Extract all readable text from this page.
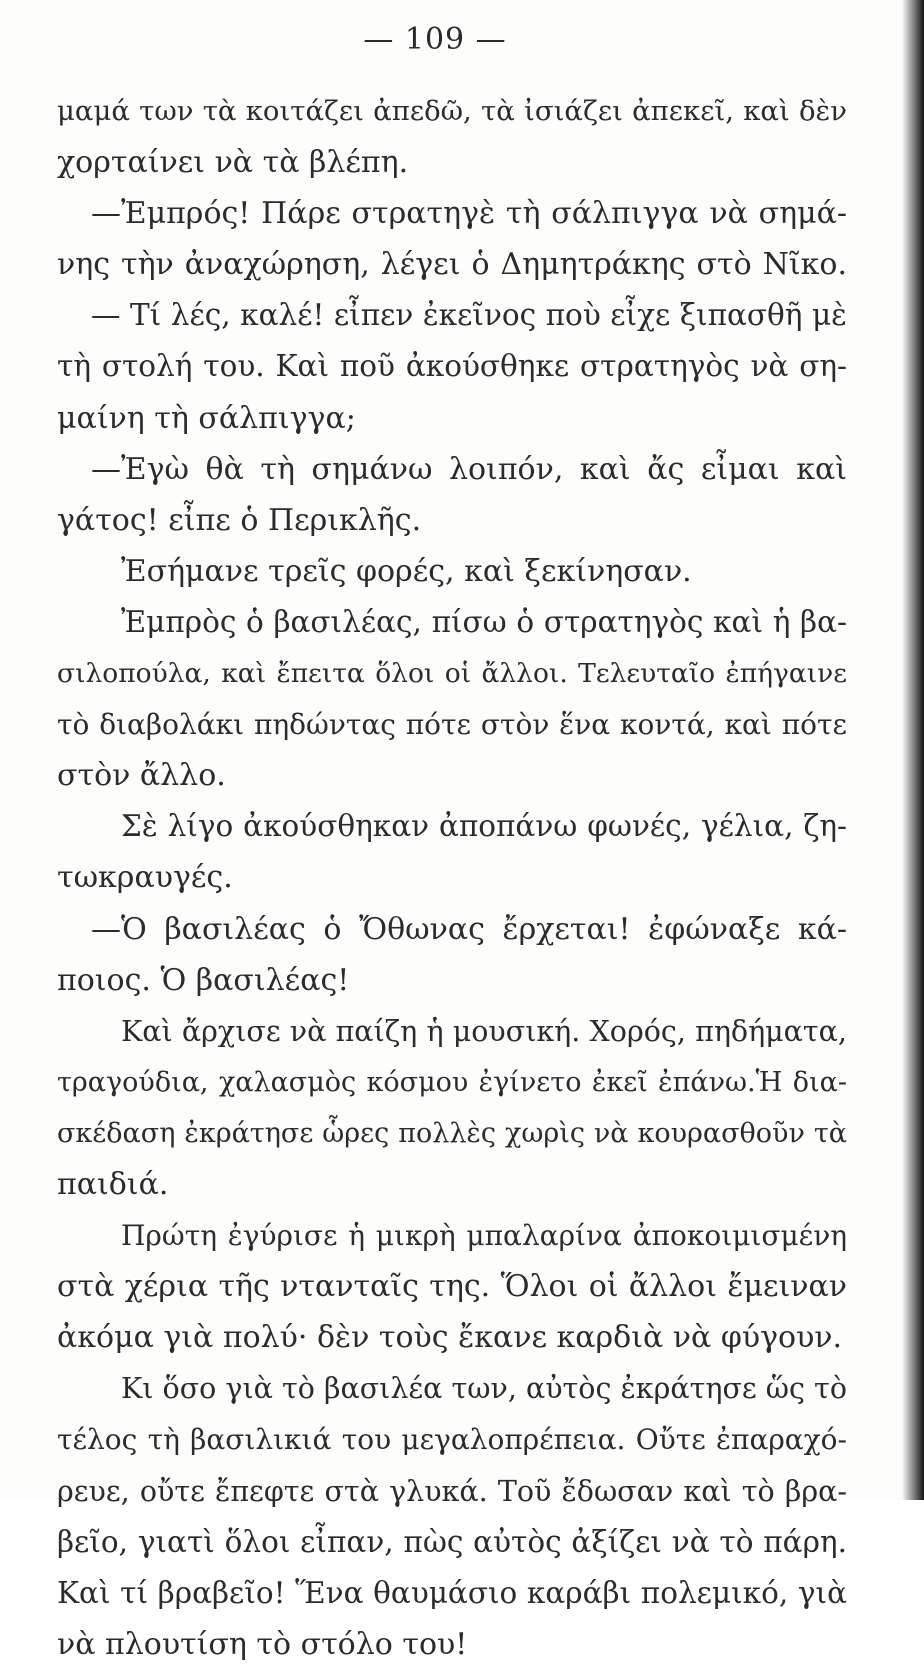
— 109 —
μαμά των τὰ κοιτάζει ἀπεδῶ, τὰ ἰσιάζει ἀπεκεῖ, καὶ δὲν
χορταίνει νὰ τὰ βλέπη.
—Ἐμπρός! Πάρε στρατηγὲ τὴ σάλπιγγα νὰ σημά-
νης τὴν ἀναχώρηση, λέγει ὁ Δημητράκης στὸ Νῖκο.
— Τί λές, καλέ! εἶπεν ἐκεῖνος ποὺ εἶχε ξιπασθῆ μὲ
τὴ στολή του. Καὶ ποῦ ἀκούσθηκε στρατηγὸς νὰ ση-
μαίνη τὴ σάλπιγγα;
—Ἐγὼ θὰ τὴ σημάνω λοιπόν, καὶ ἄς εἶμαι καὶ
γάτος! εἶπε ὁ Περικλῆς.
Ἐσήμανε τρεῖς φορές, καὶ ξεκίνησαν.
Ἐμπρὸς ὁ βασιλέας, πίσω ὁ στρατηγὸς καὶ ἡ βα-
σιλοπούλα, καὶ ἔπειτα ὅλοι οἱ ἄλλοι. Τελευταῖο ἐπήγαινε
τὸ διαβολάκι πηδώντας πότε στὸν ἕνα κοντά, καὶ πότε
στὸν ἄλλο.
Σὲ λίγο ἀκούσθηκαν ἀποπάνω φωνές, γέλια, ζη-
τωκραυγές.
—Ὁ βασιλέας ὁ Ὄθωνας ἔρχεται! ἐφώναξε κά-
ποιος. Ὁ βασιλέας!
Καὶ ἄρχισε νὰ παίζη ἡ μουσική. Χορός, πηδήματα,
τραγούδια, χαλασμὸς κόσμου ἐγίνετο ἐκεῖ ἐπάνω.Ἡ δια-
σκέδαση ἐκράτησε ὧρες πολλὲς χωρὶς νὰ κουρασθοῦν τὰ
παιδιά.
Πρώτη ἐγύρισε ἡ μικρὴ μπαλαρίνα ἀποκοιμισμένη
στὰ χέρια τῆς ντανταῖς της. Ὅλοι οἱ ἄλλοι ἔμειναν
ἀκόμα γιὰ πολύ· δὲν τοὺς ἔκανε καρδιὰ νὰ φύγουν.
Κι ὅσο γιὰ τὸ βασιλέα των, αὐτὸς ἐκράτησε ὥς τὸ
τέλος τὴ βασιλικιά του μεγαλοπρέπεια. Οὔτε ἐπαραχό-
ρευε, οὔτε ἔπεφτε στὰ γλυκά. Τοῦ ἔδωσαν καὶ τὸ βρα-
βεῖο, γιατὶ ὅλοι εἶπαν, πὼς αὐτὸς ἀξίζει νὰ τὸ πάρη.
Καὶ τί βραβεῖο! Ἕνα θαυμάσιο καράβι πολεμικό, γιὰ
νὰ πλουτίση τὸ στόλο του!
